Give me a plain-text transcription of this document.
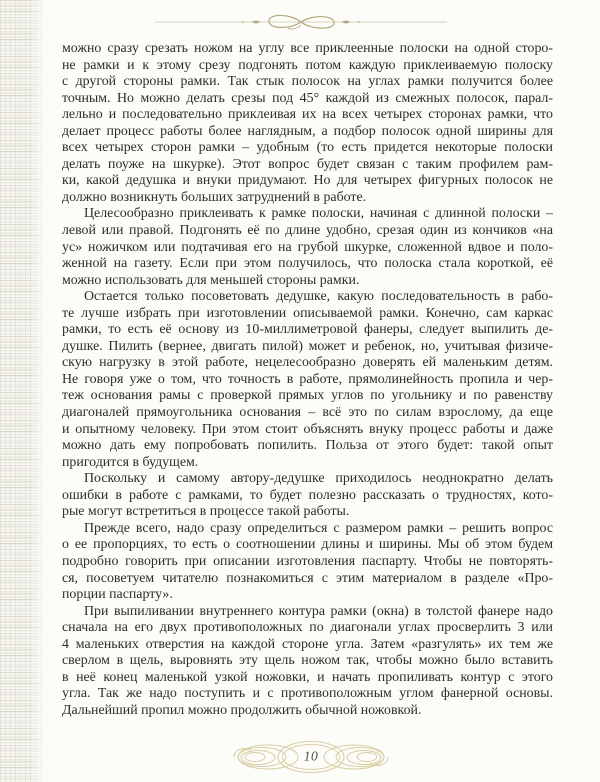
можно сразу срезать ножом на углу все приклеенные полоски на одной сторо-
не рамки и к этому срезу подгонять потом каждую приклеиваемую полоску
с другой стороны рамки. Так стык полосок на углах рамки получится более
точным. Но можно делать срезы под 45° каждой из смежных полосок, парал-
лельно и последовательно приклеивая их на всех четырех сторонах рамки, что
делает процесс работы более наглядным, а подбор полосок одной ширины для
всех четырех сторон рамки – удобным (то есть придется некоторые полоски
делать поуже на шкурке). Этот вопрос будет связан с таким профилем рам-
ки, какой дедушка и внуки придумают. Но для четырех фигурных полосок не
должно возникнуть больших затруднений в работе.
Целесообразно приклеивать к рамке полоски, начиная с длинной полоски –
левой или правой. Подгонять её по длине удобно, срезая один из кончиков «на
ус» ножичком или подтачивая его на грубой шкурке, сложенной вдвое и поло-
женной на газету. Если при этом получилось, что полоска стала короткой, её
можно использовать для меньшей стороны рамки.
Остается только посоветовать дедушке, какую последовательность в рабо-
те лучше избрать при изготовлении описываемой рамки. Конечно, сам каркас
рамки, то есть её основу из 10-миллиметровой фанеры, следует выпилить де-
душке. Пилить (вернее, двигать пилой) может и ребенок, но, учитывая физиче-
скую нагрузку в этой работе, нецелесообразно доверять ей маленьким детям.
Не говоря уже о том, что точность в работе, прямолинейность пропила и чер-
теж основания рамы с проверкой прямых углов по угольнику и по равенству
диагоналей прямоугольника основания – всё это по силам взрослому, да еще
и опытному человеку. При этом стоит объяснять внуку процесс работы и даже
можно дать ему попробовать попилить. Польза от этого будет: такой опыт
пригодится в будущем.
Поскольку и самому автору-дедушке приходилось неоднократно делать
ошибки в работе с рамками, то будет полезно рассказать о трудностях, кото-
рые могут встретиться в процессе такой работы.
Прежде всего, надо сразу определиться с размером рамки – решить вопрос
о ее пропорциях, то есть о соотношении длины и ширины. Мы об этом будем
подробно говорить при описании изготовления паспарту. Чтобы не повторять-
ся, посоветуем читателю познакомиться с этим материалом в разделе «Про-
порции паспарту».
При выпиливании внутреннего контура рамки (окна) в толстой фанере надо
сначала на его двух противоположных по диагонали углах просверлить 3 или
4 маленьких отверстия на каждой стороне угла. Затем «разгулять» их тем же
сверлом в щель, выровнять эту щель ножом так, чтобы можно было вставить
в неё конец маленькой узкой ножовки, и начать пропиливать контур с этого
угла. Так же надо поступить и с противоположным углом фанерной основы.
Дальнейший пропил можно продолжить обычной ножовкой.
10
